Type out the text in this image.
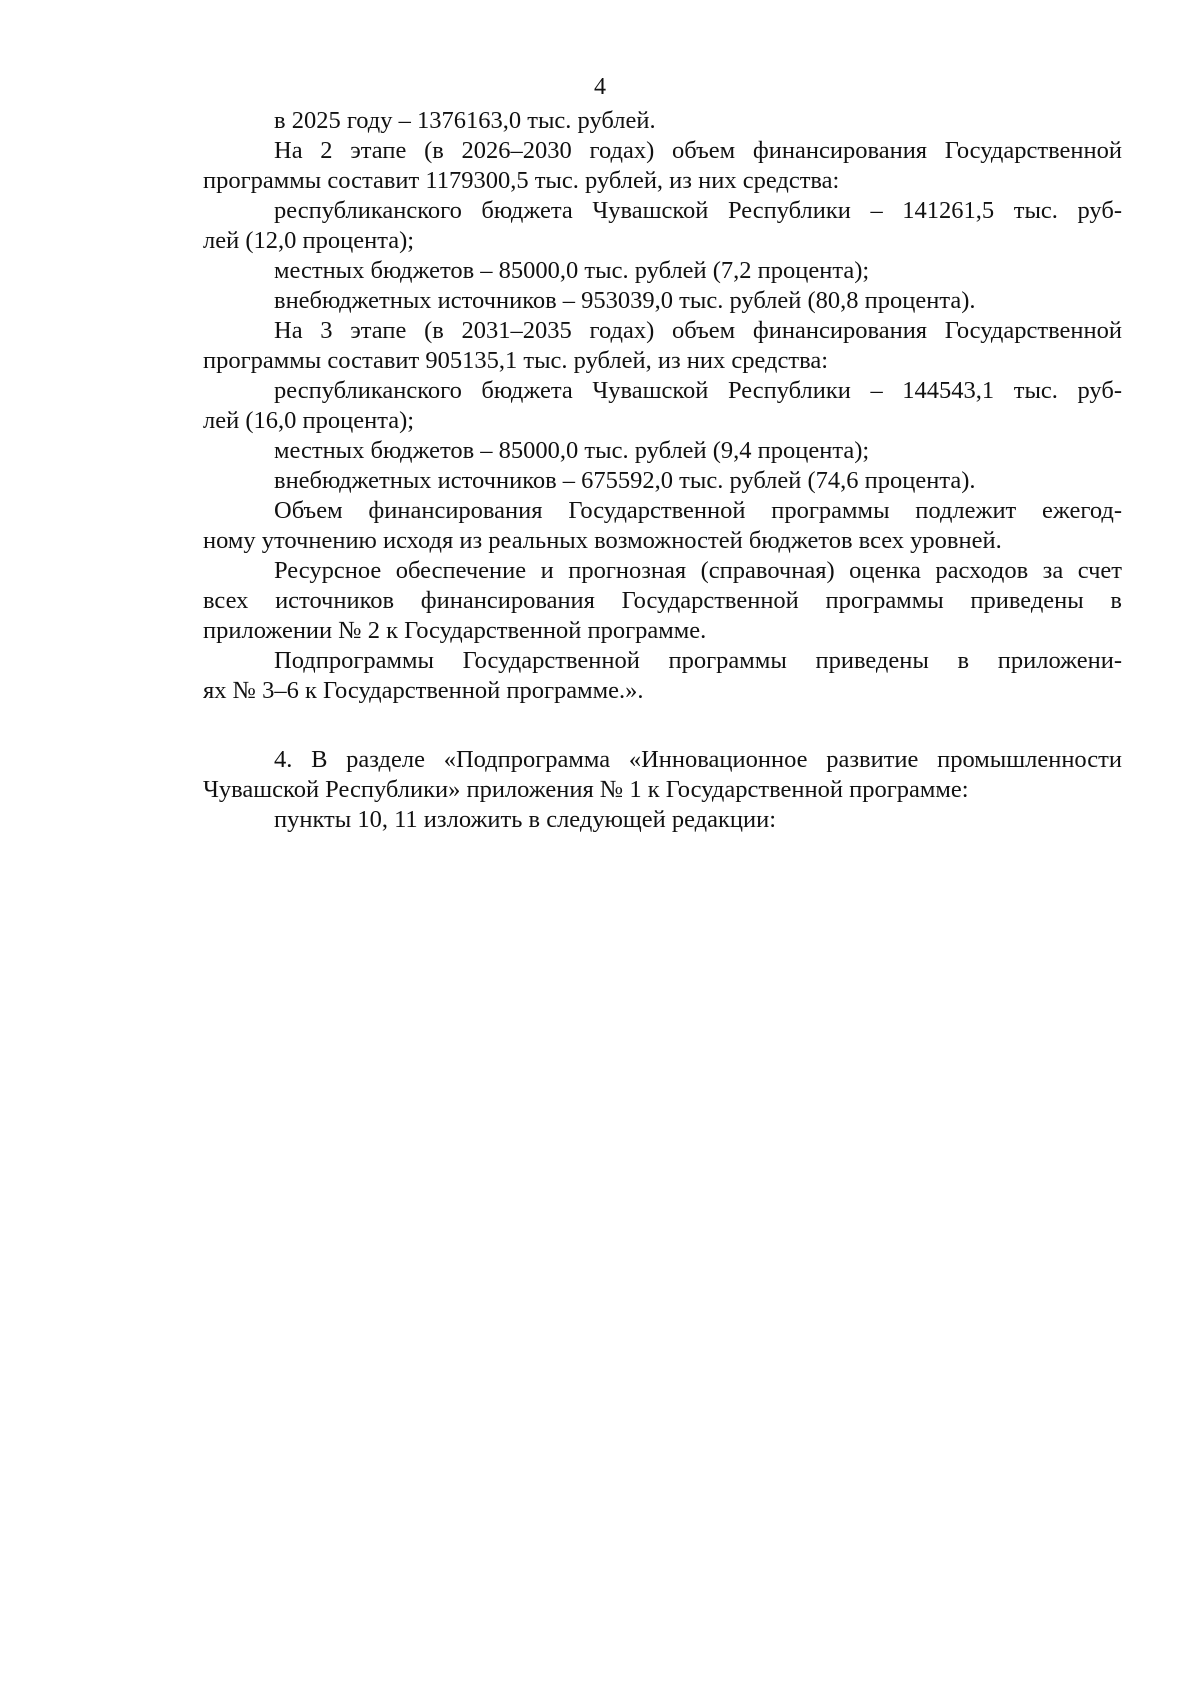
4
в 2025 году – 1376163,0 тыс. рублей.
На 2 этапе (в 2026–2030 годах) объем финансирования Государственной
программы составит 1179300,5 тыс. рублей, из них средства:
республиканского бюджета Чувашской Республики – 141261,5 тыс. руб-
лей (12,0 процента);
местных бюджетов – 85000,0 тыс. рублей (7,2 процента);
внебюджетных источников – 953039,0 тыс. рублей (80,8 процента).
На 3 этапе (в 2031–2035 годах) объем финансирования Государственной
программы составит 905135,1 тыс. рублей, из них средства:
республиканского бюджета Чувашской Республики – 144543,1 тыс. руб-
лей (16,0 процента);
местных бюджетов – 85000,0 тыс. рублей (9,4 процента);
внебюджетных источников – 675592,0 тыс. рублей (74,6 процента).
Объем финансирования Государственной программы подлежит ежегод-
ному уточнению исходя из реальных возможностей бюджетов всех уровней.
Ресурсное обеспечение и прогнозная (справочная) оценка расходов за счет
всех источников финансирования Государственной программы приведены в
приложении № 2 к Государственной программе.
Подпрограммы Государственной программы приведены в приложени-
ях № 3–6 к Государственной программе.».
4. В разделе «Подпрограмма «Инновационное развитие промышленности
Чувашской Республики» приложения № 1 к Государственной программе:
пункты 10, 11 изложить в следующей редакции:
